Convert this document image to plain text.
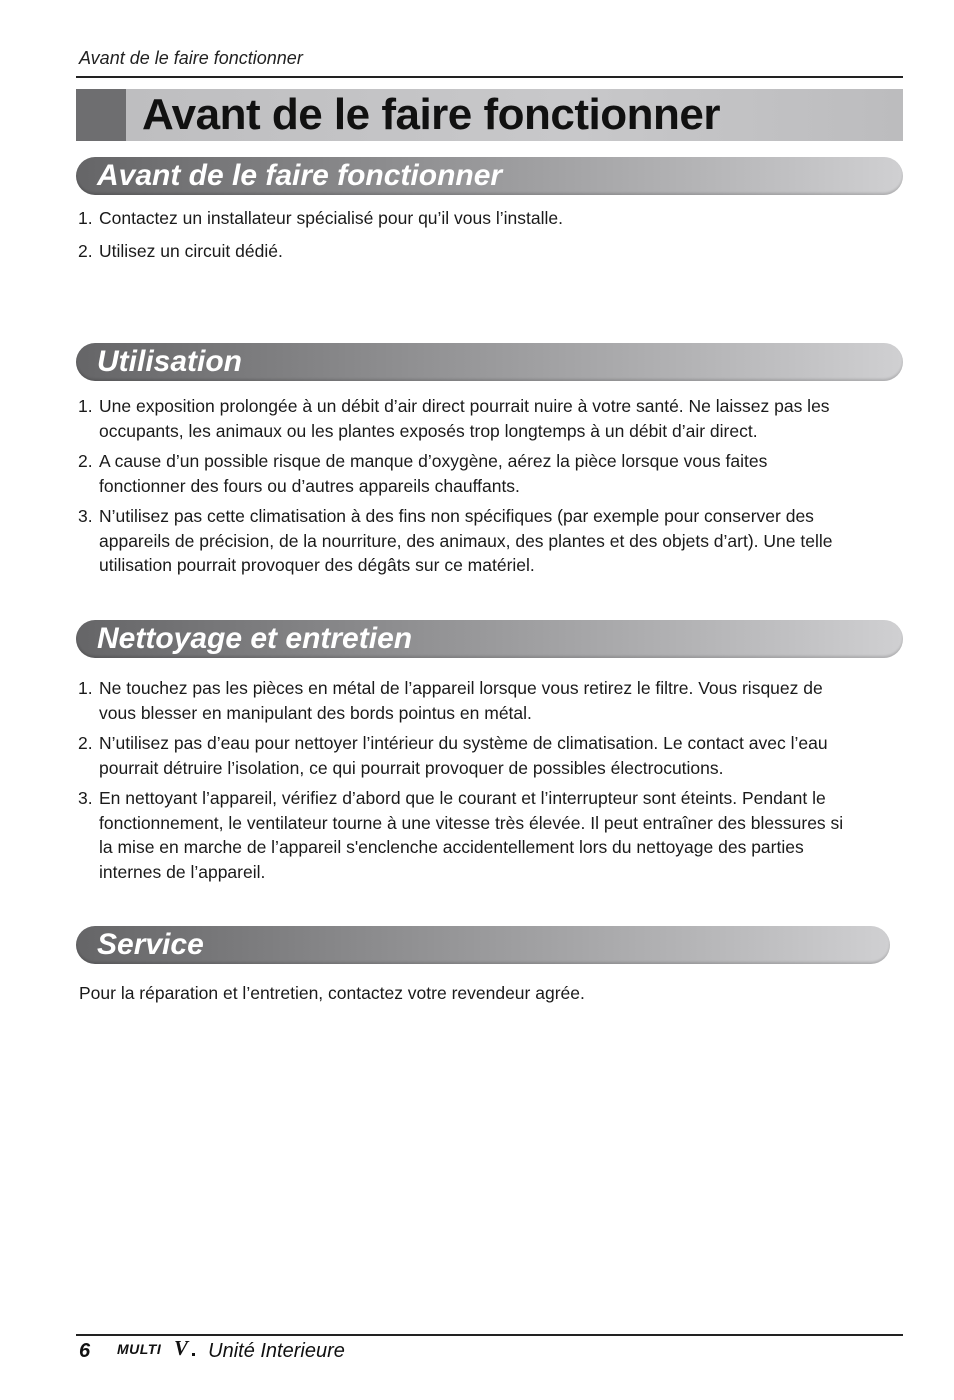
Avant de le faire fonctionner
Avant de le faire fonctionner
Avant de le faire fonctionner
1. Contactez un installateur spécialisé pour qu’il vous l’installe.
2. Utilisez un circuit dédié.
Utilisation
1. Une exposition prolongée à un débit d’air direct pourrait nuire à votre santé. Ne laissez pas les
occupants, les animaux ou les plantes exposés trop longtemps à un débit d’air direct.
2. A cause d’un possible risque de manque d’oxygène, aérez la pièce lorsque vous faites
fonctionner des fours ou d’autres appareils chauffants.
3. N’utilisez pas cette climatisation à des fins non spécifiques (par exemple pour conserver des
appareils de précision, de la nourriture, des animaux, des plantes et des objets d’art). Une telle
utilisation pourrait provoquer des dégâts sur ce matériel.
Nettoyage et entretien
1. Ne touchez pas les pièces en métal de l’appareil lorsque vous retirez le filtre. Vous risquez de
vous blesser en manipulant des bords pointus en métal.
2. N’utilisez pas d’eau pour nettoyer l’intérieur du système de climatisation. Le contact avec l’eau
pourrait détruire l’isolation, ce qui pourrait provoquer de possibles électrocutions.
3. En nettoyant l’appareil, vérifiez d’abord que le courant et l’interrupteur sont éteints. Pendant le
fonctionnement, le ventilateur tourne à une vitesse très élevée. Il peut entraîner des blessures si
la mise en marche de l’appareil s'enclenche accidentellement lors du nettoyage des parties
internes de l’appareil.
Service
Pour la réparation et l’entretien, contactez votre revendeur agrée.
6 MULTI V Unité Interieure
